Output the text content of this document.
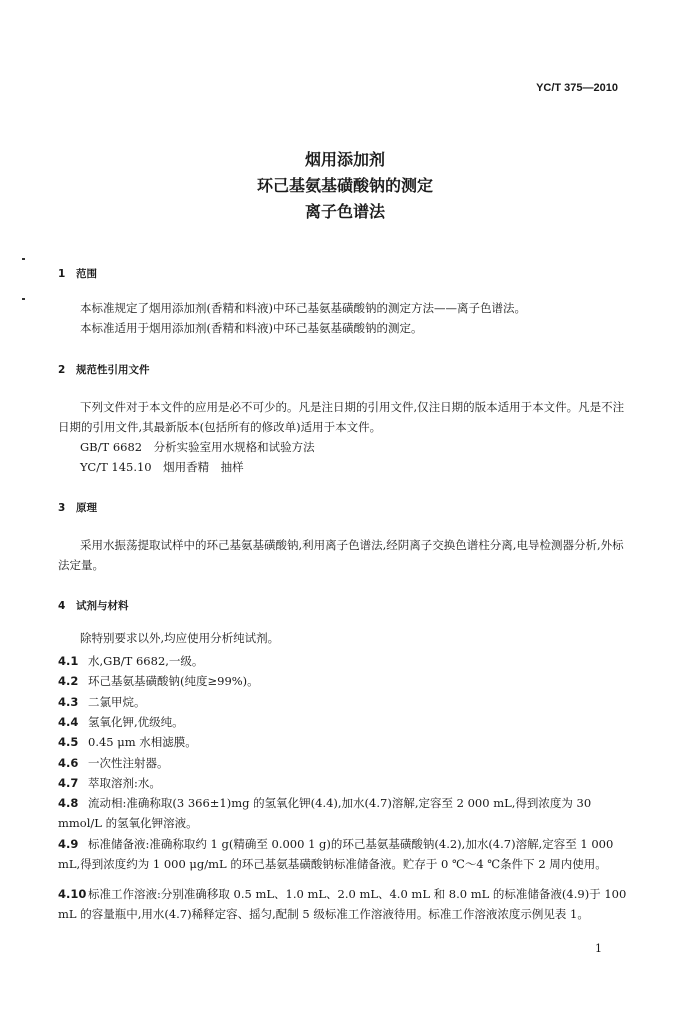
YC/T 375—2010
烟用添加剂
环己基氨基磺酸钠的测定
离子色谱法
1 范围
本标准规定了烟用添加剂(香精和料液)中环己基氨基磺酸钠的测定方法——离子色谱法。
本标准适用于烟用添加剂(香精和料液)中环己基氨基磺酸钠的测定。
2 规范性引用文件
下列文件对于本文件的应用是必不可少的。凡是注日期的引用文件,仅注日期的版本适用于本文件。凡是不注日期的引用文件,其最新版本(包括所有的修改单)适用于本文件。
GB/T 6682　分析实验室用水规格和试验方法
YC/T 145.10　烟用香精　抽样
3 原理
采用水振荡提取试样中的环己基氨基磺酸钠,利用离子色谱法,经阴离子交换色谱柱分离,电导检测器分析,外标法定量。
4 试剂与材料
除特别要求以外,均应使用分析纯试剂。
4.1 水,GB/T 6682,一级。
4.2 环己基氨基磺酸钠(纯度≥99%)。
4.3 二氯甲烷。
4.4 氢氧化钾,优级纯。
4.5 0.45 μm 水相滤膜。
4.6 一次性注射器。
4.7 萃取溶剂:水。
4.8 流动相:准确称取(3 366±1)mg 的氢氧化钾(4.4),加水(4.7)溶解,定容至 2 000 mL,得到浓度为 30 mmol/L 的氢氧化钾溶液。
4.9 标准储备液:准确称取约 1 g(精确至 0.000 1 g)的环己基氨基磺酸钠(4.2),加水(4.7)溶解,定容至 1 000 mL,得到浓度约为 1 000 μg/mL 的环己基氨基磺酸钠标准储备液。贮存于 0 ℃～4 ℃条件下 2 周内使用。
4.10 标准工作溶液:分别准确移取 0.5 mL、1.0 mL、2.0 mL、4.0 mL 和 8.0 mL 的标准储备液(4.9)于 100 mL 的容量瓶中,用水(4.7)稀释定容、摇匀,配制 5 级标准工作溶液待用。标准工作溶液浓度示例见表 1。
1
